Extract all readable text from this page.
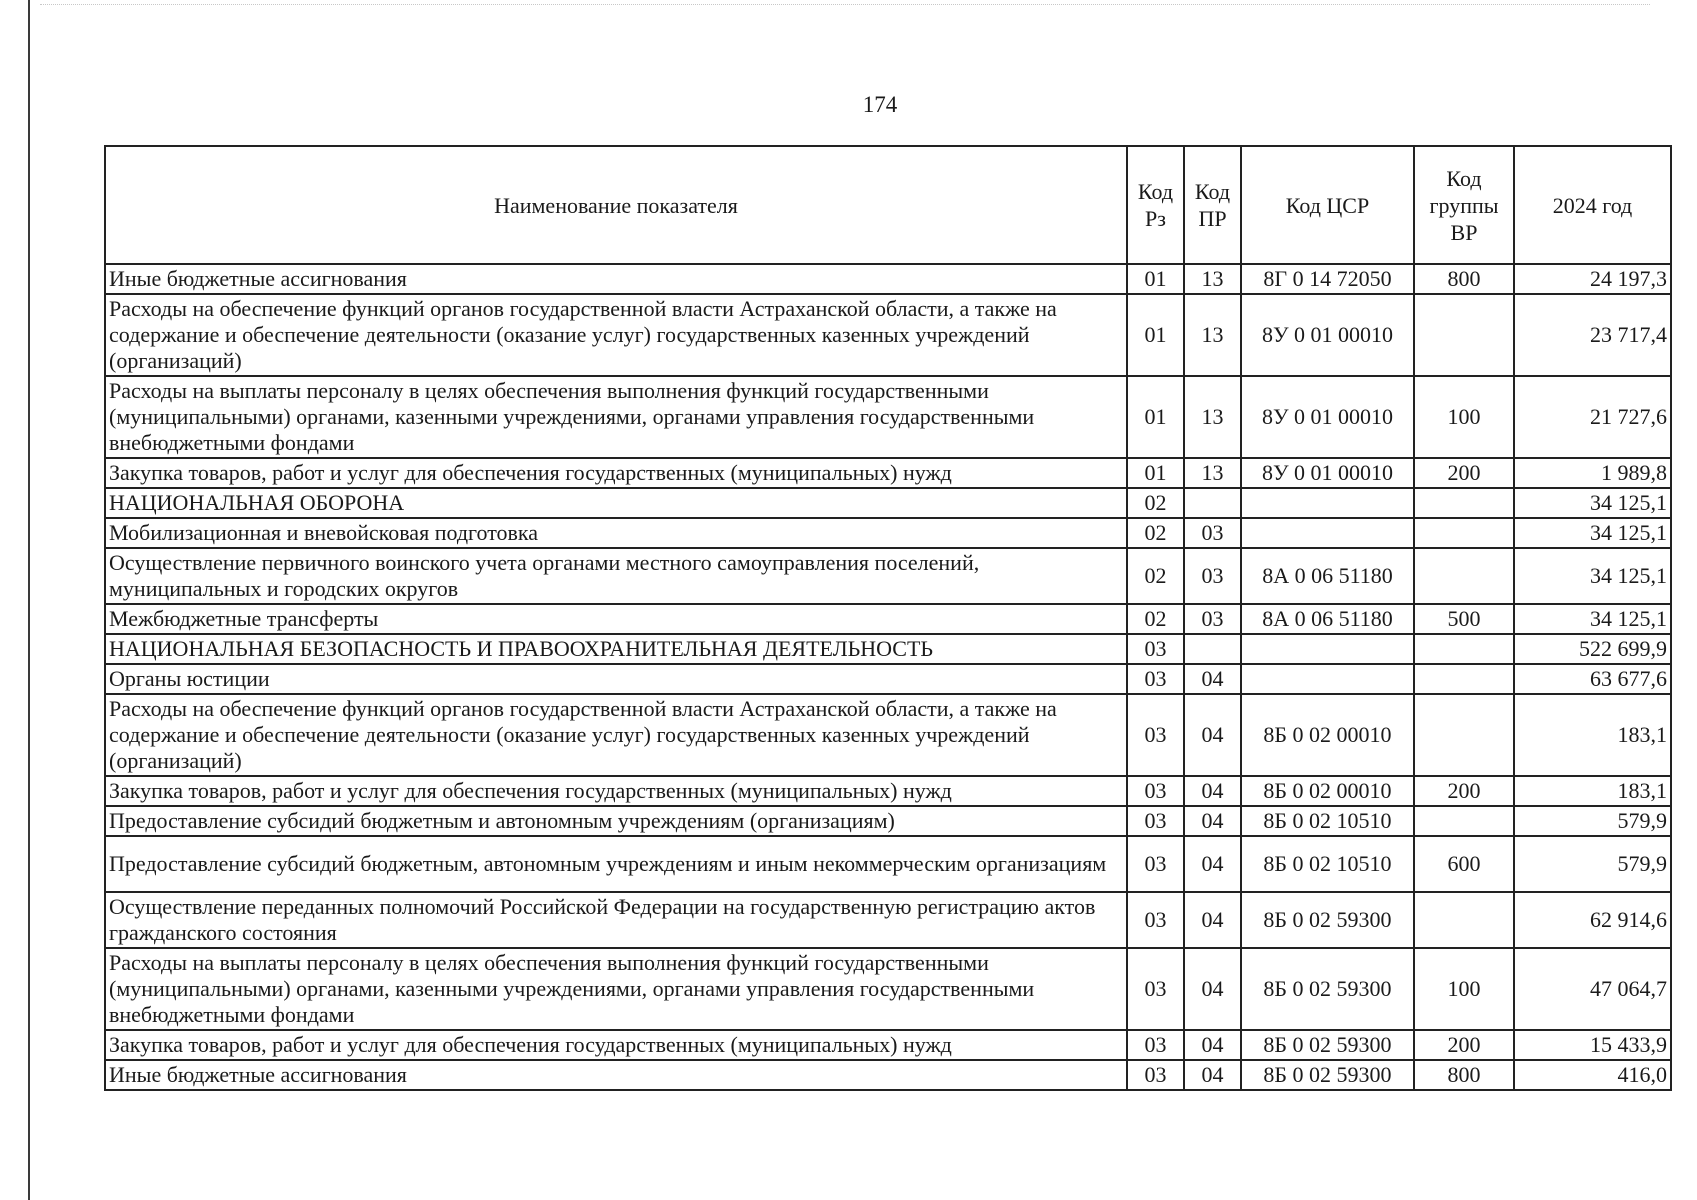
174
Наименование показателя	Код Рз	Код ПР	Код ЦСР	Код группы ВР	2024 год
Иные бюджетные ассигнования	01	13	8Г 0 14 72050	800	24 197,3
Расходы на обеспечение функций органов государственной власти Астраханской области, а также на содержание и обеспечение деятельности (оказание услуг) государственных казенных учреждений (организаций)	01	13	8У 0 01 00010		23 717,4
Расходы на выплаты персоналу в целях обеспечения выполнения функций государственными (муниципальными) органами, казенными учреждениями, органами управления государственными внебюджетными фондами	01	13	8У 0 01 00010	100	21 727,6
Закупка товаров, работ и услуг для обеспечения государственных (муниципальных) нужд	01	13	8У 0 01 00010	200	1 989,8
НАЦИОНАЛЬНАЯ ОБОРОНА	02				34 125,1
Мобилизационная и вневойсковая подготовка	02	03			34 125,1
Осуществление первичного воинского учета органами местного самоуправления поселений, муниципальных и городских округов	02	03	8А 0 06 51180		34 125,1
Межбюджетные трансферты	02	03	8А 0 06 51180	500	34 125,1
НАЦИОНАЛЬНАЯ БЕЗОПАСНОСТЬ И ПРАВООХРАНИТЕЛЬНАЯ ДЕЯТЕЛЬНОСТЬ	03				522 699,9
Органы юстиции	03	04			63 677,6
Расходы на обеспечение функций органов государственной власти Астраханской области, а также на содержание и обеспечение деятельности (оказание услуг) государственных казенных учреждений (организаций)	03	04	8Б 0 02 00010		183,1
Закупка товаров, работ и услуг для обеспечения государственных (муниципальных) нужд	03	04	8Б 0 02 00010	200	183,1
Предоставление субсидий бюджетным и автономным учреждениям (организациям)	03	04	8Б 0 02 10510		579,9
Предоставление субсидий бюджетным, автономным учреждениям и иным некоммерческим организациям	03	04	8Б 0 02 10510	600	579,9
Осуществление переданных полномочий Российской Федерации на государственную регистрацию актов гражданского состояния	03	04	8Б 0 02 59300		62 914,6
Расходы на выплаты персоналу в целях обеспечения выполнения функций государственными (муниципальными) органами, казенными учреждениями, органами управления государственными внебюджетными фондами	03	04	8Б 0 02 59300	100	47 064,7
Закупка товаров, работ и услуг для обеспечения государственных (муниципальных) нужд	03	04	8Б 0 02 59300	200	15 433,9
Иные бюджетные ассигнования	03	04	8Б 0 02 59300	800	416,0
